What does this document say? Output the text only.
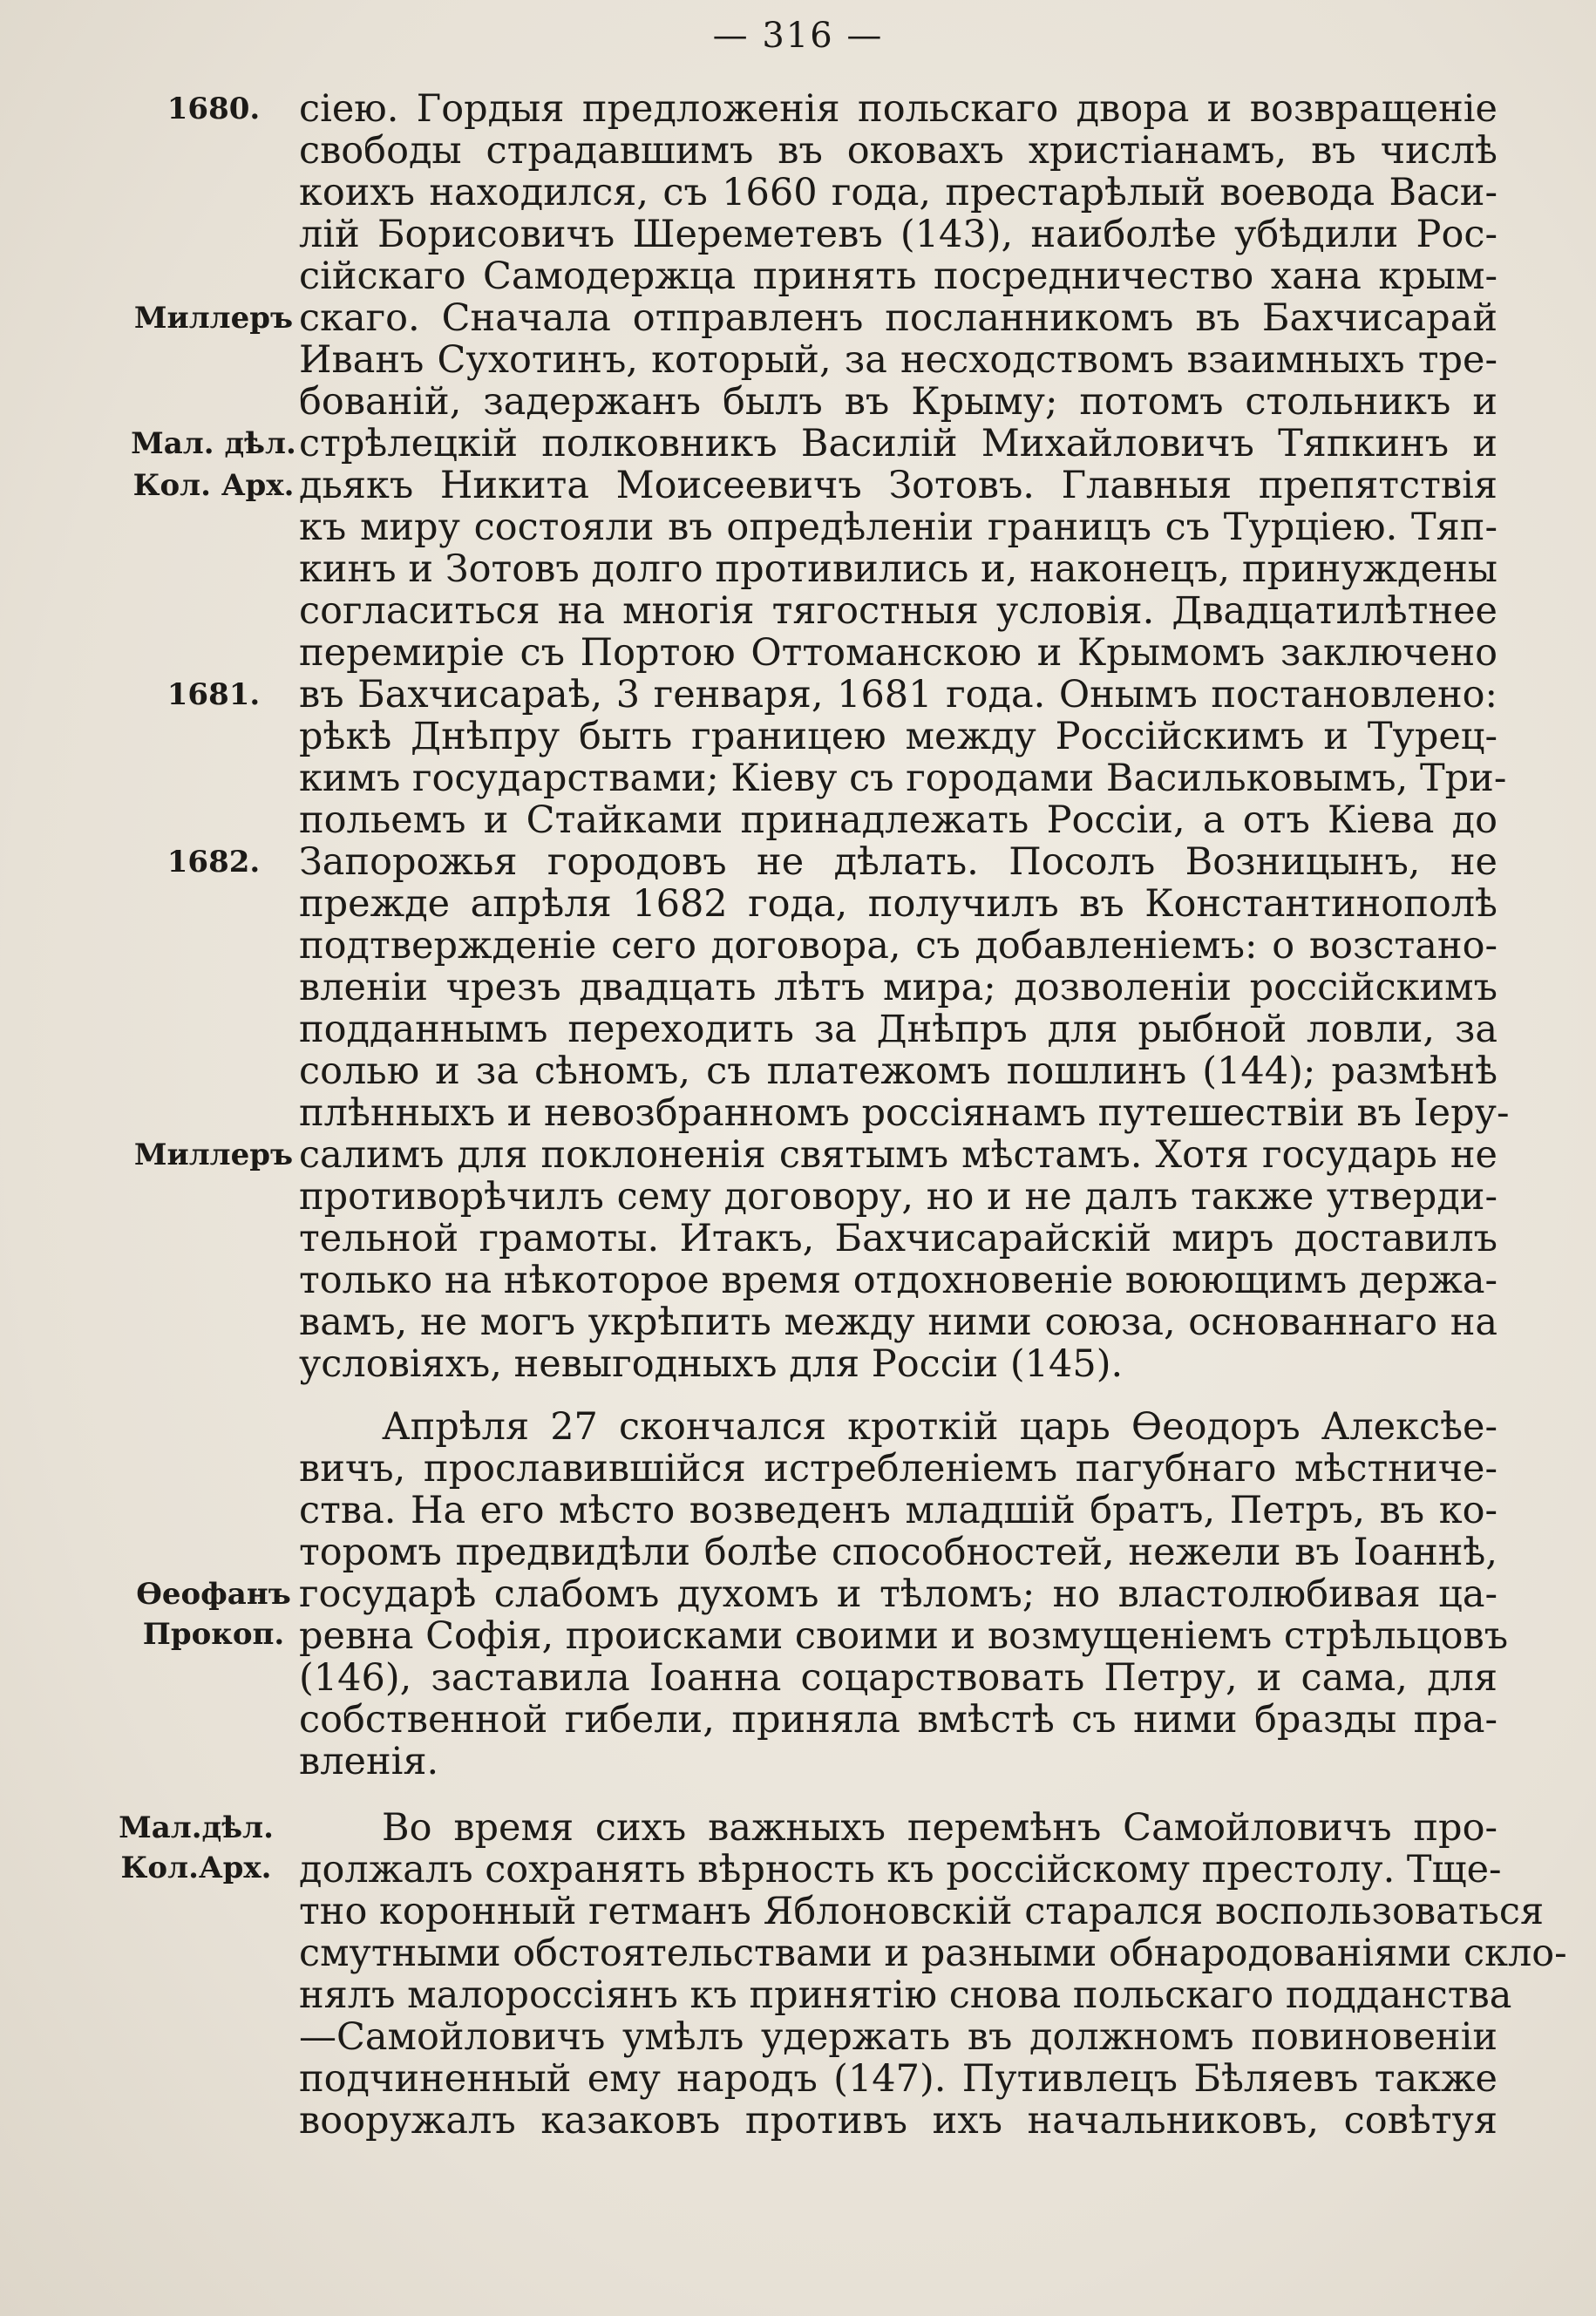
— 316 —
1680.
Миллеръ
Мал. дѣл.
Кол. Арх.
1681.
1682.
Миллеръ
Ѳеофанъ
Прокоп.
Мал.дѣл.
Кол.Арх.
сіею. Гордыя предложенія польскаго двора и возвращеніе
свободы страдавшимъ въ оковахъ христіанамъ, въ числѣ
коихъ находился, съ 1660 года, престарѣлый воевода Васи-
лій Борисовичъ Шереметевъ (143), наиболѣе убѣдили Рос-
сійскаго Самодержца принять посредничество хана крым-
скаго. Сначала отправленъ посланникомъ въ Бахчисарай
Иванъ Сухотинъ, который, за несходствомъ взаимныхъ тре-
бованій, задержанъ былъ въ Крыму; потомъ стольникъ и
стрѣлецкій полковникъ Василій Михайловичъ Тяпкинъ и
дьякъ Никита Моисеевичъ Зотовъ. Главныя препятствія
къ миру состояли въ опредѣленіи границъ съ Турціею. Тяп-
кинъ и Зотовъ долго противились и, наконецъ, принуждены
согласиться на многія тягостныя условія. Двадцатилѣтнее
перемиріе съ Портою Оттоманскою и Крымомъ заключено
въ Бахчисараѣ, 3 генваря, 1681 года. Онымъ постановлено:
рѣкѣ Днѣпру быть границею между Россійскимъ и Турец-
кимъ государствами; Кіеву съ городами Васильковымъ, Три-
польемъ и Стайками принадлежать Россіи, а отъ Кіева до
Запорожья городовъ не дѣлать. Посолъ Возницынъ, не
прежде апрѣля 1682 года, получилъ въ Константинополѣ
подтвержденіе сего договора, съ добавленіемъ: о возстано-
вленіи чрезъ двадцать лѣтъ мира; дозволеніи россійскимъ
подданнымъ переходить за Днѣпръ для рыбной ловли, за
солью и за сѣномъ, съ платежомъ пошлинъ (144); размѣнѣ
плѣнныхъ и невозбранномъ россіянамъ путешествіи въ Іеру-
салимъ для поклоненія святымъ мѣстамъ. Хотя государь не
противорѣчилъ сему договору, но и не далъ также утверди-
тельной грамоты. Итакъ, Бахчисарайскій миръ доставилъ
только на нѣкоторое время отдохновеніе воюющимъ держа-
вамъ, не могъ укрѣпить между ними союза, основаннаго на
условіяхъ, невыгодныхъ для Россіи (145).
Апрѣля 27 скончался кроткій царь Ѳеодоръ Алексѣе-
вичъ, прославившійся истребленіемъ пагубнаго мѣстниче-
ства. На его мѣсто возведенъ младшій братъ, Петръ, въ ко-
торомъ предвидѣли болѣе способностей, нежели въ Іоаннѣ,
государѣ слабомъ духомъ и тѣломъ; но властолюбивая ца-
ревна Софія, происками своими и возмущеніемъ стрѣльцовъ
(146), заставила Іоанна соцарствовать Петру, и сама, для
собственной гибели, приняла вмѣстѣ съ ними бразды пра-
вленія.
Во время сихъ важныхъ перемѣнъ Самойловичъ про-
должалъ сохранять вѣрность къ россійскому престолу. Тще-
тно коронный гетманъ Яблоновскій старался воспользоваться
смутными обстоятельствами и разными обнародованіями скло-
нялъ малороссіянъ къ принятію снова польскаго подданства
—Самойловичъ умѣлъ удержать въ должномъ повиновеніи
подчиненный ему народъ (147). Путивлецъ Бѣляевъ также
вооружалъ казаковъ противъ ихъ начальниковъ, совѣтуя
